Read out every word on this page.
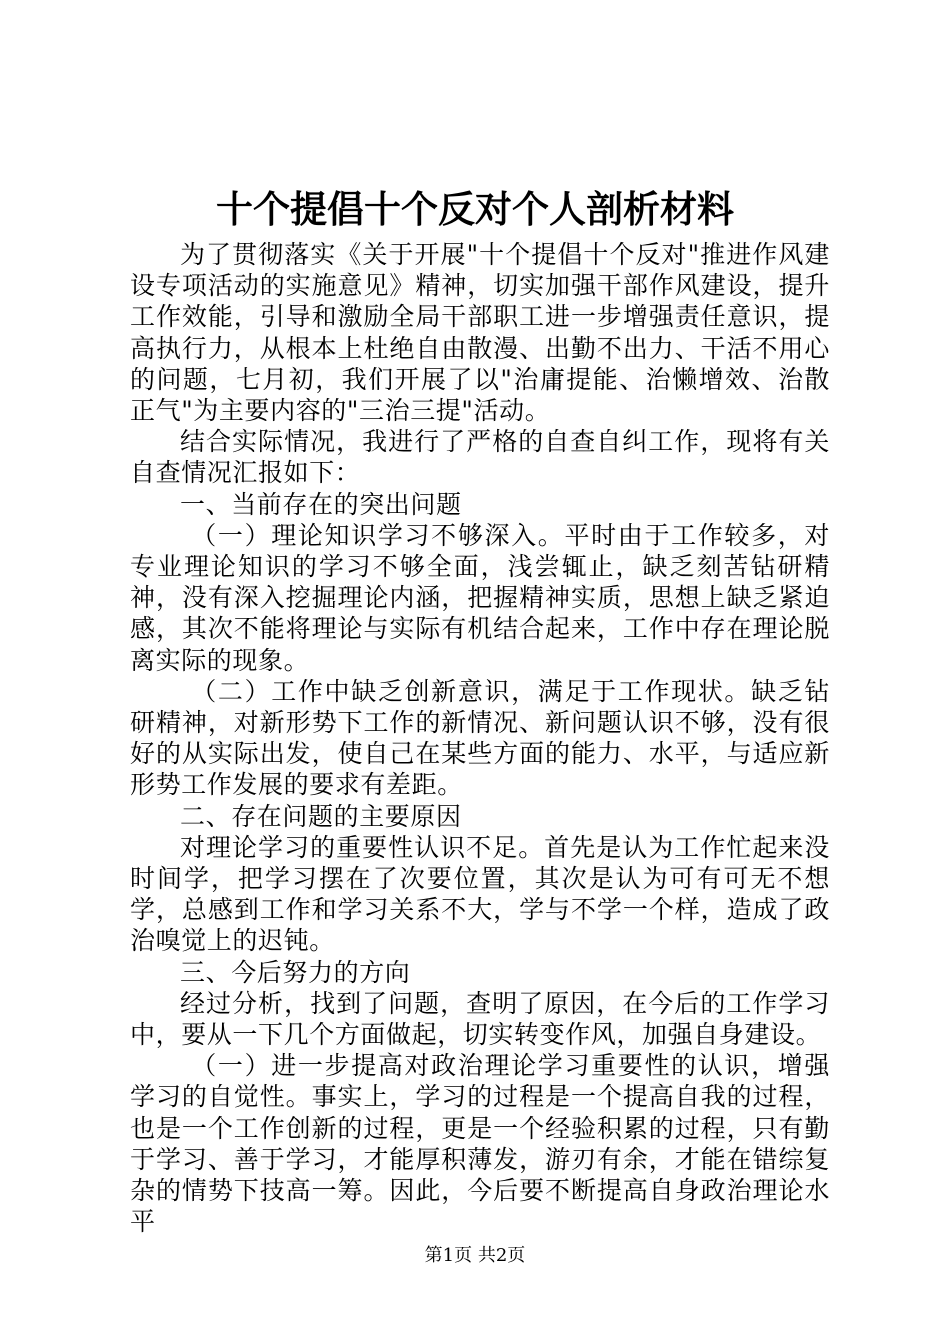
十个提倡十个反对个人剖析材料

为了贯彻落实《关于开展"十个提倡十个反对"推进作风建设专项活动的实施意见》精神，切实加强干部作风建设，提升工作效能，引导和激励全局干部职工进一步增强责任意识，提高执行力，从根本上杜绝自由散漫、出勤不出力、干活不用心的问题，七月初，我们开展了以"治庸提能、治懒增效、治散正气"为主要内容的"三治三提"活动。

结合实际情况，我进行了严格的自查自纠工作，现将有关自查情况汇报如下：

一、当前存在的突出问题

（一）理论知识学习不够深入。平时由于工作较多，对专业理论知识的学习不够全面，浅尝辄止，缺乏刻苦钻研精神，没有深入挖掘理论内涵，把握精神实质，思想上缺乏紧迫感，其次不能将理论与实际有机结合起来，工作中存在理论脱离实际的现象。

（二）工作中缺乏创新意识，满足于工作现状。缺乏钻研精神，对新形势下工作的新情况、新问题认识不够，没有很好的从实际出发，使自己在某些方面的能力、水平，与适应新形势工作发展的要求有差距。

二、存在问题的主要原因

对理论学习的重要性认识不足。首先是认为工作忙起来没时间学，把学习摆在了次要位置，其次是认为可有可无不想学，总感到工作和学习关系不大，学与不学一个样，造成了政治嗅觉上的迟钝。

三、今后努力的方向

经过分析，找到了问题，查明了原因，在今后的工作学习中，要从一下几个方面做起，切实转变作风，加强自身建设。

（一）进一步提高对政治理论学习重要性的认识，增强学习的自觉性。事实上，学习的过程是一个提高自我的过程，也是一个工作创新的过程，更是一个经验积累的过程，只有勤于学习、善于学习，才能厚积薄发，游刃有余，才能在错综复杂的情势下技高一筹。因此，今后要不断提高自身政治理论水平

第1页 共2页
